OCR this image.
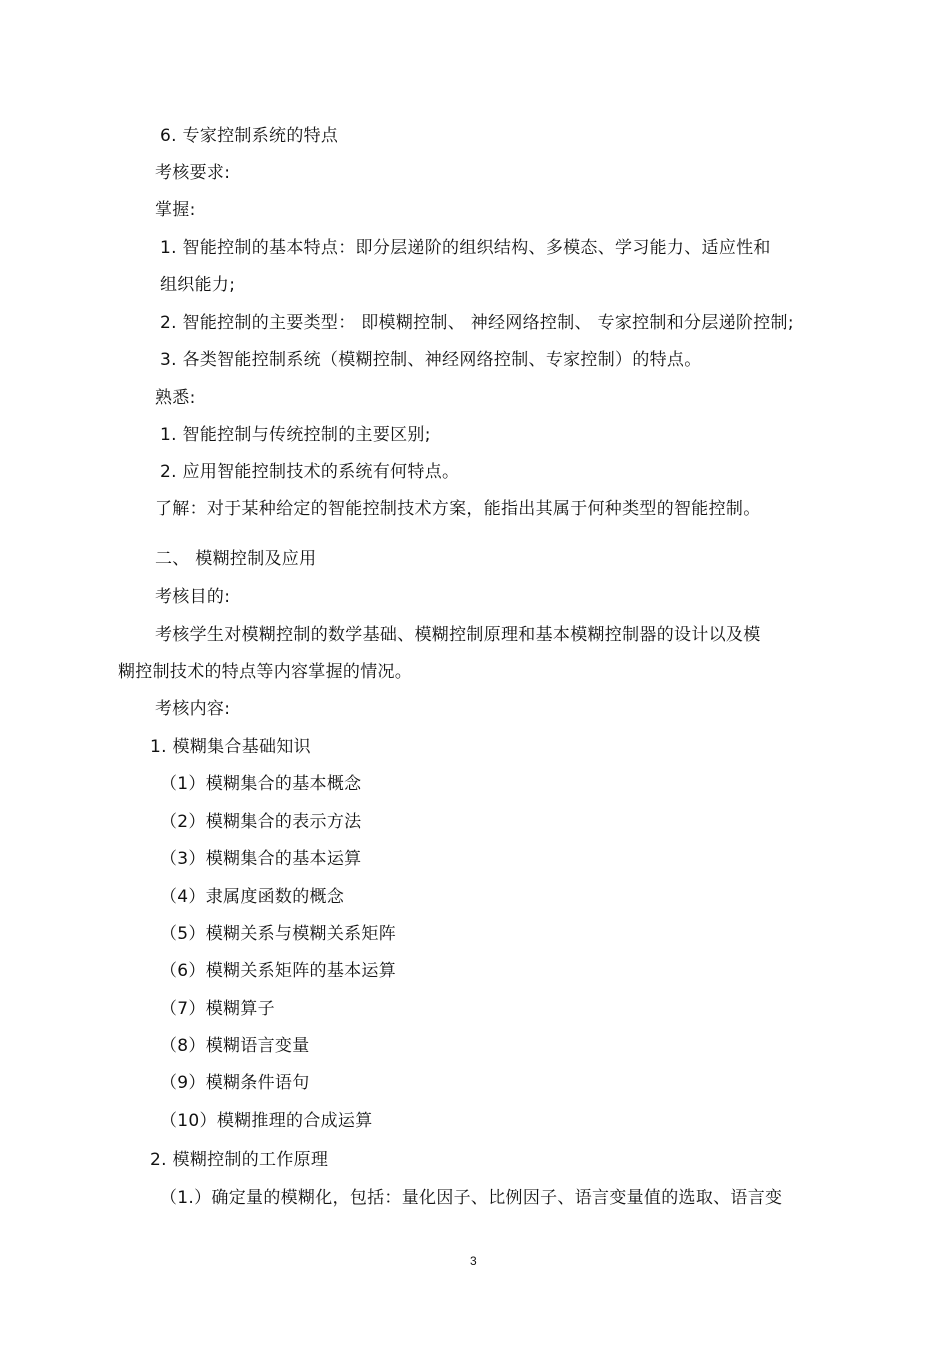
6. 专家控制系统的特点
考核要求:
掌握:
1. 智能控制的基本特点：即分层递阶的组织结构、多模态、学习能力、适应性和
组织能力;
2. 智能控制的主要类型： 即模糊控制、 神经网络控制、 专家控制和分层递阶控制;
3. 各类智能控制系统（模糊控制、神经网络控制、专家控制）的特点。
熟悉:
1. 智能控制与传统控制的主要区别;
2. 应用智能控制技术的系统有何特点。
了解：对于某种给定的智能控制技术方案，能指出其属于何种类型的智能控制。
二、 模糊控制及应用
考核目的:
考核学生对模糊控制的数学基础、模糊控制原理和基本模糊控制器的设计以及模
糊控制技术的特点等内容掌握的情况。
考核内容:
1. 模糊集合基础知识
（1）模糊集合的基本概念
（2）模糊集合的表示方法
（3）模糊集合的基本运算
（4）隶属度函数的概念
（5）模糊关系与模糊关系矩阵
（6）模糊关系矩阵的基本运算
（7）模糊算子
（8）模糊语言变量
（9）模糊条件语句
（10）模糊推理的合成运算
2. 模糊控制的工作原理
（1.）确定量的模糊化，包括：量化因子、比例因子、语言变量值的选取、语言变
3
